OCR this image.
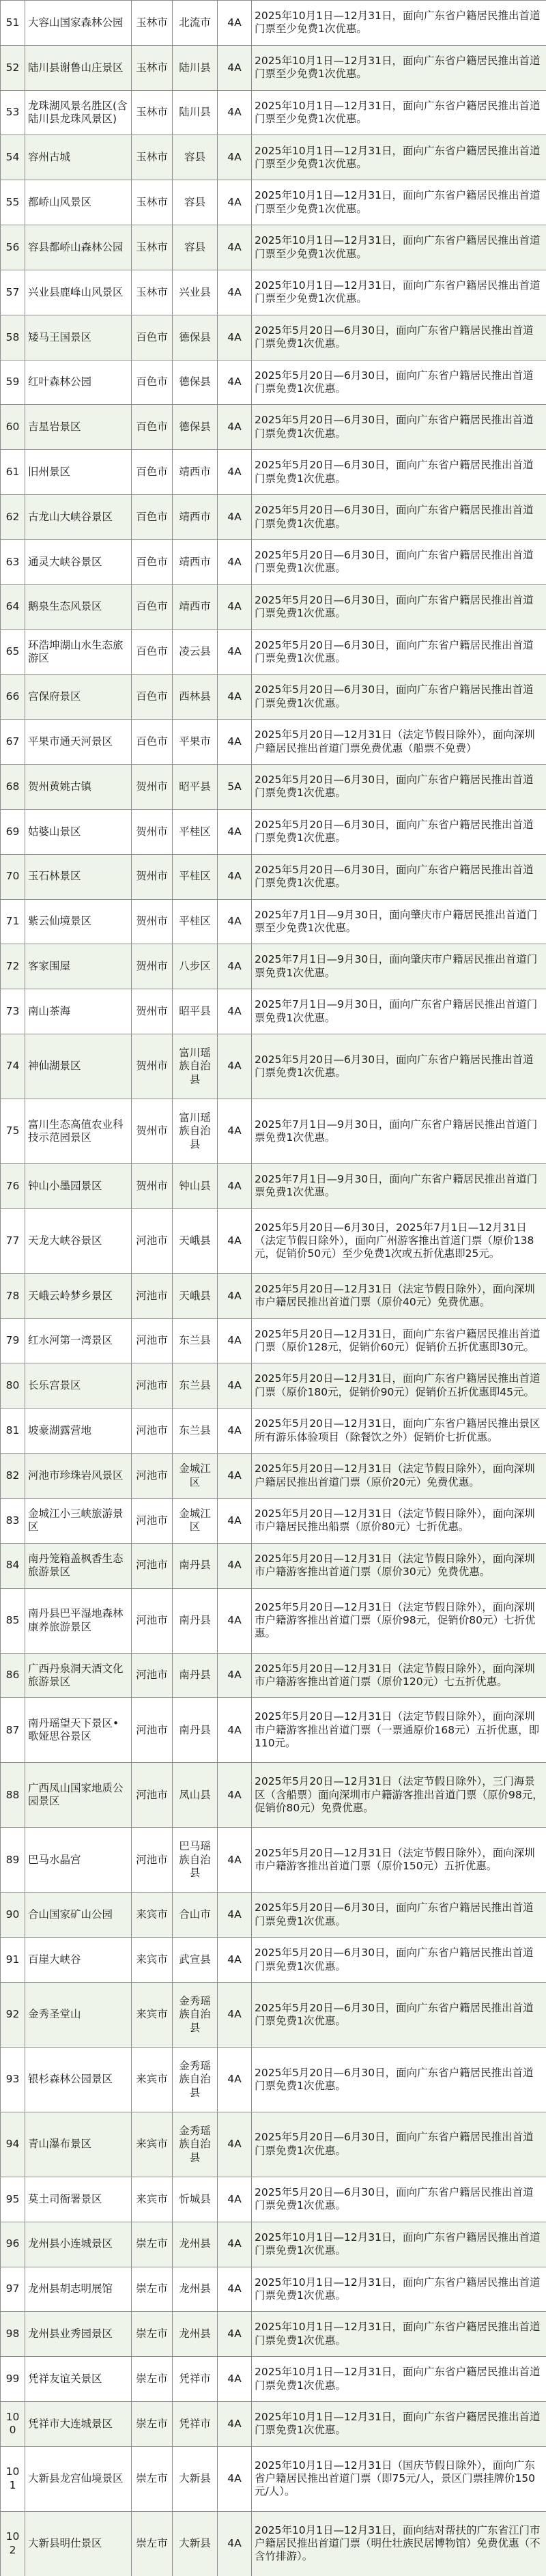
51	大容山国家森林公园	玉林市	北流市	4A	2025年10月1日—12月31日，面向广东省户籍居民推出首道门票至少免费1次优惠。
52	陆川县谢鲁山庄景区	玉林市	陆川县	4A	2025年10月1日—12月31日，面向广东省户籍居民推出首道门票至少免费1次优惠。
53	龙珠湖风景名胜区(含陆川县龙珠风景区)	玉林市	陆川县	4A	2025年10月1日—12月31日，面向广东省户籍居民推出首道门票至少免费1次优惠。
54	容州古城	玉林市	容县	4A	2025年10月1日—12月31日，面向广东省户籍居民推出首道门票至少免费1次优惠。
55	都峤山风景区	玉林市	容县	4A	2025年10月1日—12月31日，面向广东省户籍居民推出首道门票至少免费1次优惠。
56	容县都峤山森林公园	玉林市	容县	4A	2025年10月1日—12月31日，面向广东省户籍居民推出首道门票至少免费1次优惠。
57	兴业县鹿峰山风景区	玉林市	兴业县	4A	2025年10月1日—12月31日，面向广东省户籍居民推出首道门票至少免费1次优惠。
58	矮马王国景区	百色市	德保县	4A	2025年5月20日—6月30日，面向广东省户籍居民推出首道门票免费1次优惠。
59	红叶森林公园	百色市	德保县	4A	2025年5月20日—6月30日，面向广东省户籍居民推出首道门票免费1次优惠。
60	吉星岩景区	百色市	德保县	4A	2025年5月20日—6月30日，面向广东省户籍居民推出首道门票免费1次优惠。
61	旧州景区	百色市	靖西市	4A	2025年5月20日—6月30日，面向广东省户籍居民推出首道门票免费1次优惠。
62	古龙山大峡谷景区	百色市	靖西市	4A	2025年5月20日—6月30日，面向广东省户籍居民推出首道门票免费1次优惠。
63	通灵大峡谷景区	百色市	靖西市	4A	2025年5月20日—6月30日，面向广东省户籍居民推出首道门票免费1次优惠。
64	鹅泉生态风景区	百色市	靖西市	4A	2025年5月20日—6月30日，面向广东省户籍居民推出首道门票免费1次优惠。
65	环浩坤湖山水生态旅游区	百色市	凌云县	4A	2025年5月20日—6月30日，面向广东省户籍居民推出首道门票免费1次优惠。
66	宫保府景区	百色市	西林县	4A	2025年5月20日—6月30日，面向广东省户籍居民推出首道门票免费1次优惠。
67	平果市通天河景区	百色市	平果市	4A	2025年5月20日—12月31日（法定节假日除外），面向深圳户籍居民推出首道门票免费优惠（船票不免费）
68	贺州黄姚古镇	贺州市	昭平县	5A	2025年5月20日—6月30日，面向广东省户籍居民推出首道门票免费1次优惠。
69	姑婆山景区	贺州市	平桂区	4A	2025年5月20日—6月30日，面向广东省户籍居民推出首道门票免费1次优惠。
70	玉石林景区	贺州市	平桂区	4A	2025年5月20日—6月30日，面向广东省户籍居民推出首道门票免费1次优惠。
71	紫云仙境景区	贺州市	平桂区	4A	2025年7月1日—9月30日，面向肇庆市户籍居民推出首道门票至少免费1次优惠。
72	客家围屋	贺州市	八步区	4A	2025年7月1日—9月30日，面向肇庆市户籍居民推出首道门票免费1次优惠。
73	南山茶海	贺州市	昭平县	4A	2025年7月1日—9月30日，面向广东省户籍居民推出首道门票免费1次优惠。
74	神仙湖景区	贺州市	富川瑶族自治县	4A	2025年5月20日—6月30日，面向广东省户籍居民推出首道门票免费1次优惠。
75	富川生态高值农业科技示范园景区	贺州市	富川瑶族自治县	4A	2025年7月1日—9月30日，面向广东省户籍居民推出首道门票免费1次优惠。
76	钟山小墨园景区	贺州市	钟山县	4A	2025年7月1日—9月30日，面向广东省户籍居民推出首道门票免费1次优惠。
77	天龙大峡谷景区	河池市	天峨县	4A	2025年5月20日—6月30日，2025年7月1日—12月31日（法定节假日除外），面向广州游客推出首道门票（原价138元，促销价50元）至少免费1次或五折优惠即25元。
78	天峨云岭梦乡景区	河池市	天峨县	4A	2025年5月20日—12月31日（法定节假日除外），面向深圳市户籍居民推出首道门票（原价40元）免费优惠。
79	红水河第一湾景区	河池市	东兰县	4A	2025年5月20日—12月31日，面向广东省户籍居民推出首道门票（原价128元，促销价60元）促销价五折优惠即30元。
80	长乐宫景区	河池市	东兰县	4A	2025年5月20日—12月31日，面向广东省户籍居民推出首道门票（原价180元，促销价90元）促销价五折优惠即45元。
81	坡豪湖露营地	河池市	东兰县	4A	2025年5月20日—12月31日，面向广东省户籍居民推出景区所有游乐体验项目（除餐饮之外）促销价七折优惠。
82	河池市珍珠岩风景区	河池市	金城江区	4A	2025年5月20日—12月31日（法定节假日除外），面向深圳户籍居民推出首道门票（原价20元）免费优惠。
83	金城江小三峡旅游景区	河池市	金城江区	4A	2025年5月20日—12月31日（法定节假日除外），面向深圳市户籍居民推出船票（原价80元）七折优惠。
84	南丹笼箱盖枫香生态旅游景区	河池市	南丹县	4A	2025年5月20日—12月31日（法定节假日除外），面向深圳市户籍游客推出首道门票（原价30元）免费优惠。
85	南丹县巴平湿地森林康养旅游景区	河池市	南丹县	4A	2025年5月20日—12月31日（法定节假日除外），面向深圳市户籍游客推出首道门票（原价98元，促销价80元）七折优惠。
86	广西丹泉洞天酒文化旅游景区	河池市	南丹县	4A	2025年5月20日—12月31日（法定节假日除外），面向深圳市户籍游客推出首道门票（原价120元）七五折优惠。
87	南丹瑶望天下景区•歌娅思谷景区	河池市	南丹县	4A	2025年5月20日—12月31日（法定节假日除外），面向深圳市户籍游客推出首道门票（一票通原价168元）五折优惠，即110元。
88	广西凤山国家地质公园景区	河池市	凤山县	4A	2025年5月20日—12月31日（法定节假日除外），三门海景区（含船票）面向深圳市户籍游客推出首道门票（原价98元，促销价80元）免费优惠。
89	巴马水晶宫	河池市	巴马瑶族自治县	4A	2025年5月20日—12月31日（法定节假日除外），面向深圳市户籍游客推出首道门票（原价150元）五折优惠。
90	合山国家矿山公园	来宾市	合山市	4A	2025年5月20日—6月30日，面向广东省户籍居民推出首道门票免费1次优惠。
91	百崖大峡谷	来宾市	武宣县	4A	2025年5月20日—6月30日，面向广东省户籍居民推出首道门票免费1次优惠。
92	金秀圣堂山	来宾市	金秀瑶族自治县	4A	2025年5月20日—6月30日，面向广东省户籍居民推出首道门票免费1次优惠。
93	银杉森林公园景区	来宾市	金秀瑶族自治县	4A	2025年5月20日—6月30日，面向广东省户籍居民推出首道门票免费1次优惠。
94	青山瀑布景区	来宾市	金秀瑶族自治县	4A	2025年5月20日—6月30日，面向广东省户籍居民推出首道门票免费1次优惠。
95	莫土司衙署景区	来宾市	忻城县	4A	2025年5月20日—6月30日，面向广东省户籍居民推出首道门票免费1次优惠。
96	龙州县小连城景区	崇左市	龙州县	4A	2025年10月1日—12月31日，面向广东省户籍居民推出首道门票免费1次优惠。
97	龙州县胡志明展馆	崇左市	龙州县	4A	2025年10月1日—12月31日，面向广东省户籍居民推出首道门票免费1次优惠。
98	龙州县业秀园景区	崇左市	龙州县	4A	2025年10月1日—12月31日，面向广东省户籍居民推出首道门票免费1次优惠。
99	凭祥友谊关景区	崇左市	凭祥市	4A	2025年10月1日—12月31日，面向广东省户籍居民推出首道门票免费1次优惠。
100	凭祥市大连城景区	崇左市	凭祥市	4A	2025年10月1日—12月31日，面向广东省户籍居民推出首道门票免费1次优惠。
101	大新县龙宫仙境景区	崇左市	大新县	4A	2025年10月1日—12月31日（国庆节假日除外），面向广东省户籍居民推出首道门票（即75元/人，景区门票挂牌价150元/人）。
102	大新县明仕景区	崇左市	大新县	4A	2025年10月1日—12月31日，面向结对帮扶的广东省江门市户籍居民推出首道门票（明仕壮族民居博物馆）免费优惠（不含竹排游）。
